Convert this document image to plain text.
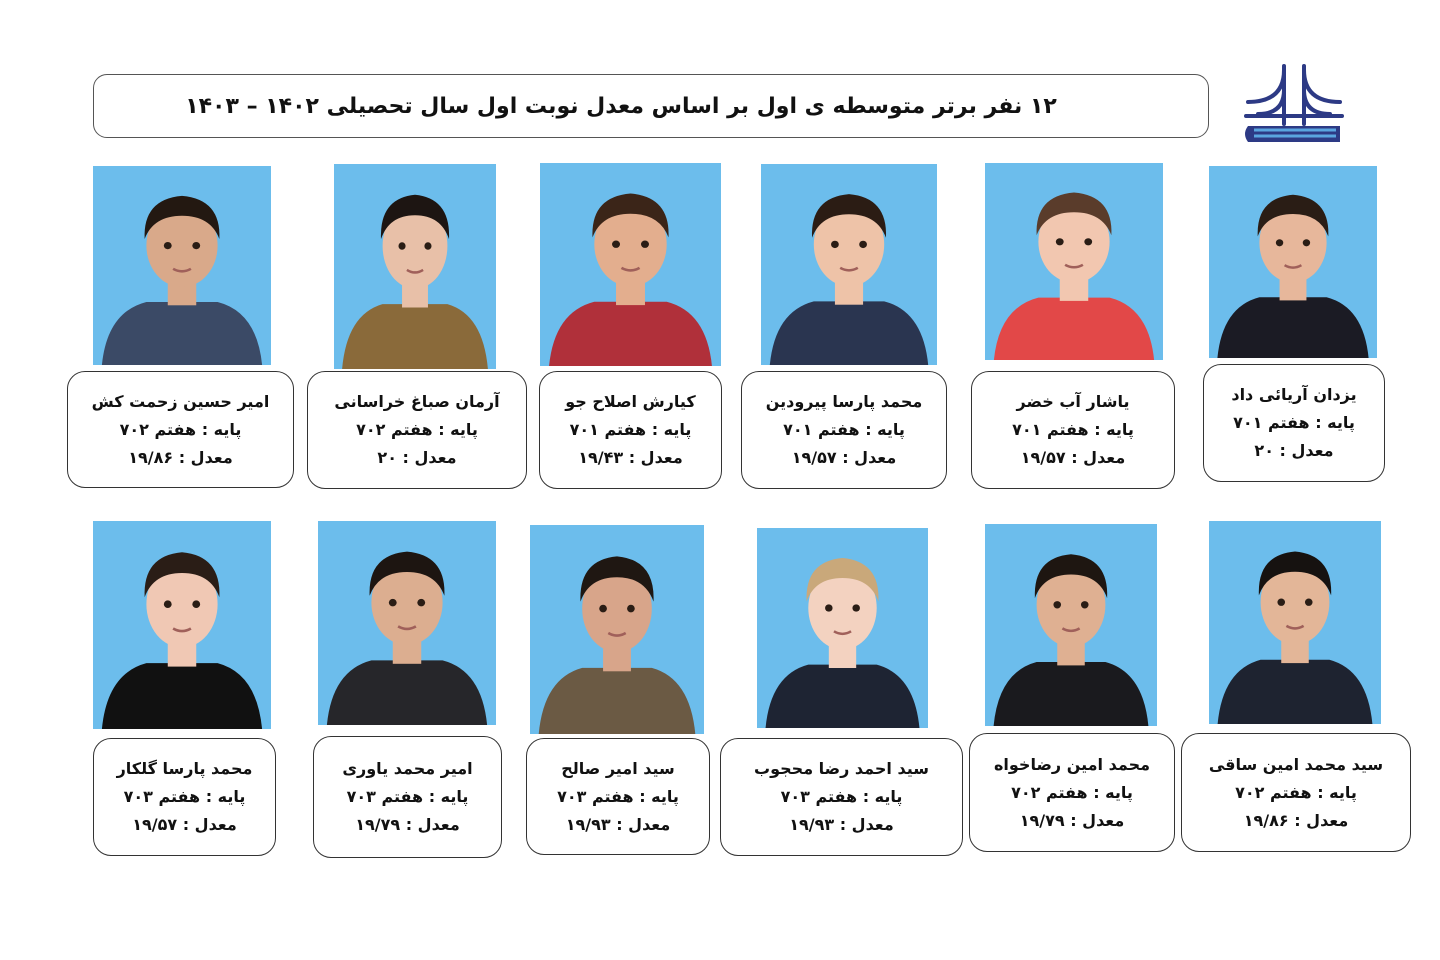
۱۲ نفر برتر متوسطه ی اول بر اساس معدل نوبت اول سال تحصیلی ۱۴۰۲ – ۱۴۰۳
یزدان آریائی داد
پایه : هفتم ۷۰۱
معدل : ۲۰
یاشار آب خضر
پایه : هفتم ۷۰۱
معدل : ۱۹/۵۷
محمد پارسا پیرودین
پایه : هفتم ۷۰۱
معدل : ۱۹/۵۷
کیارش اصلاح جو
پایه : هفتم ۷۰۱
معدل : ۱۹/۴۳
آرمان صباغ خراسانی
پایه : هفتم ۷۰۲
معدل : ۲۰
امیر حسین زحمت کش
پایه : هفتم ۷۰۲
معدل : ۱۹/۸۶
سید محمد امین ساقی
پایه : هفتم ۷۰۲
معدل : ۱۹/۸۶
محمد امین رضاخواه
پایه : هفتم ۷۰۲
معدل : ۱۹/۷۹
سید احمد رضا محجوب
پایه : هفتم ۷۰۳
معدل : ۱۹/۹۳
سید امیر صالح
پایه : هفتم ۷۰۳
معدل : ۱۹/۹۳
امیر محمد یاوری
پایه : هفتم ۷۰۳
معدل : ۱۹/۷۹
محمد پارسا گلکار
پایه : هفتم ۷۰۳
معدل : ۱۹/۵۷
